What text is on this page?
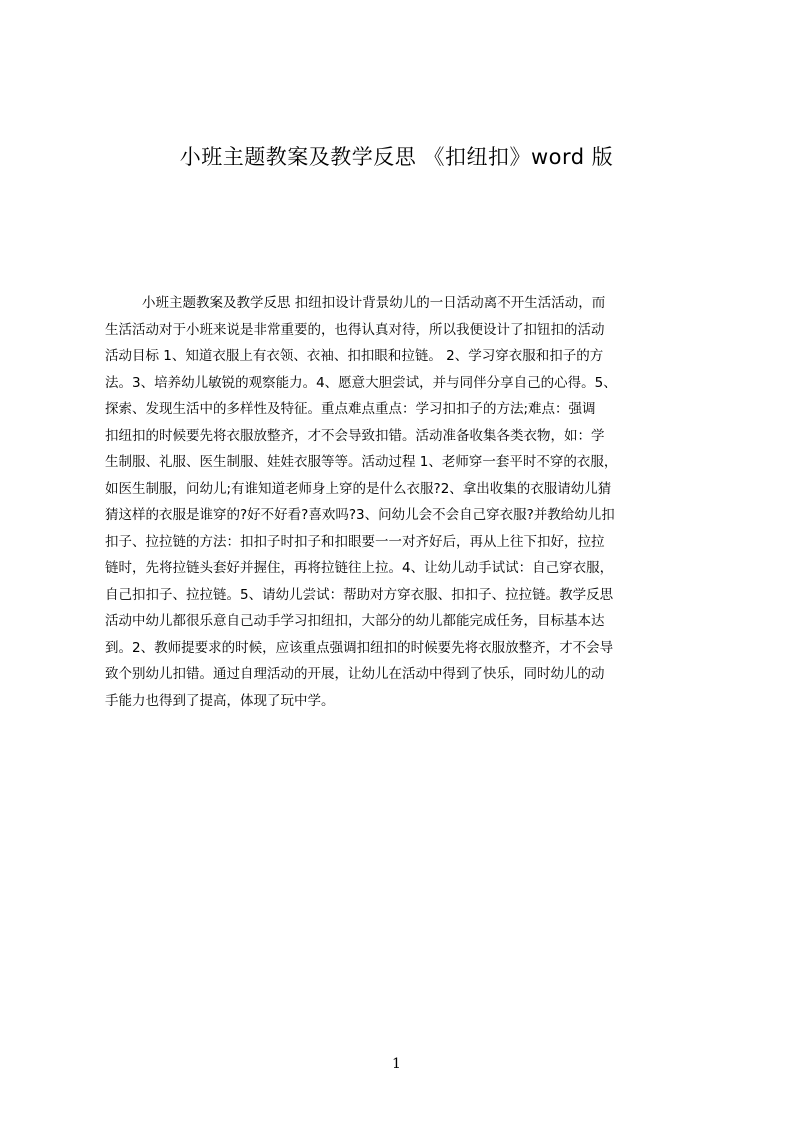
小班主题教案及教学反思 《扣纽扣》word 版
小班主题教案及教学反思 扣纽扣设计背景幼儿的一日活动离不开生活活动，而
生活活动对于小班来说是非常重要的，也得认真对待，所以我便设计了扣钮扣的活动
活动目标 1、知道衣服上有衣领、衣袖、扣扣眼和拉链。 2、学习穿衣服和扣子的方
法。3、培养幼儿敏锐的观察能力。4、愿意大胆尝试，并与同伴分享自己的心得。5、
探索、发现生活中的多样性及特征。重点难点重点：学习扣扣子的方法;难点：强调
扣纽扣的时候要先将衣服放整齐，才不会导致扣错。活动准备收集各类衣物，如：学
生制服、礼服、医生制服、娃娃衣服等等。活动过程 1、老师穿一套平时不穿的衣服，
如医生制服，问幼儿;有谁知道老师身上穿的是什么衣服?2、拿出收集的衣服请幼儿猜
猜这样的衣服是谁穿的?好不好看?喜欢吗?3、问幼儿会不会自己穿衣服?并教给幼儿扣
扣子、拉拉链的方法：扣扣子时扣子和扣眼要一一对齐好后，再从上往下扣好，拉拉
链时，先将拉链头套好并握住，再将拉链往上拉。4、让幼儿动手试试：自己穿衣服，
自己扣扣子、拉拉链。5、请幼儿尝试：帮助对方穿衣服、扣扣子、拉拉链。教学反思
活动中幼儿都很乐意自己动手学习扣纽扣，大部分的幼儿都能完成任务，目标基本达
到。2、教师提要求的时候，应该重点强调扣纽扣的时候要先将衣服放整齐，才不会导
致个别幼儿扣错。通过自理活动的开展，让幼儿在活动中得到了快乐，同时幼儿的动
手能力也得到了提高，体现了玩中学。
1
